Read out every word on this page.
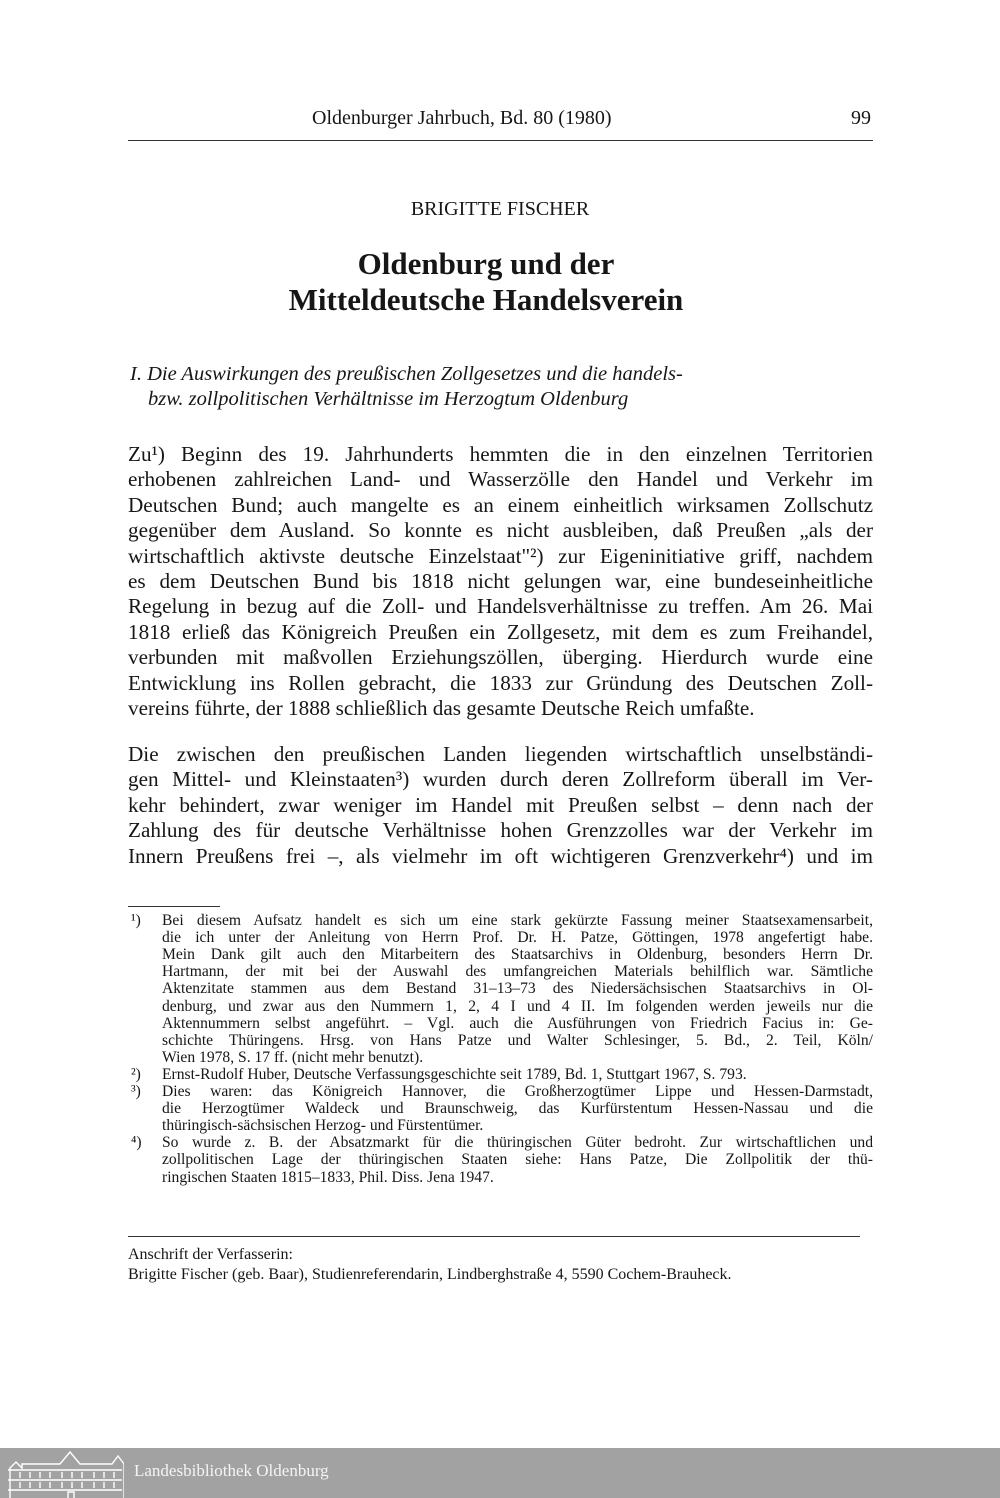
Oldenburger Jahrbuch, Bd. 80 (1980)	99
BRIGITTE FISCHER
Oldenburg und der
Mitteldeutsche Handelsverein
I. Die Auswirkungen des preußischen Zollgesetzes und die handels-
bzw. zollpolitischen Verhältnisse im Herzogtum Oldenburg
Zu¹) Beginn des 19. Jahrhunderts hemmten die in den einzelnen Territorien
erhobenen zahlreichen Land- und Wasserzölle den Handel und Verkehr im
Deutschen Bund; auch mangelte es an einem einheitlich wirksamen Zollschutz
gegenüber dem Ausland. So konnte es nicht ausbleiben, daß Preußen „als der
wirtschaftlich aktivste deutsche Einzelstaat"²) zur Eigeninitiative griff, nachdem
es dem Deutschen Bund bis 1818 nicht gelungen war, eine bundeseinheitliche
Regelung in bezug auf die Zoll- und Handelsverhältnisse zu treffen. Am 26. Mai
1818 erließ das Königreich Preußen ein Zollgesetz, mit dem es zum Freihandel,
verbunden mit maßvollen Erziehungszöllen, überging. Hierdurch wurde eine
Entwicklung ins Rollen gebracht, die 1833 zur Gründung des Deutschen Zoll-
vereins führte, der 1888 schließlich das gesamte Deutsche Reich umfaßte.
Die zwischen den preußischen Landen liegenden wirtschaftlich unselbständi-
gen Mittel- und Kleinstaaten³) wurden durch deren Zollreform überall im Ver-
kehr behindert, zwar weniger im Handel mit Preußen selbst – denn nach der
Zahlung des für deutsche Verhältnisse hohen Grenzzolles war der Verkehr im
Innern Preußens frei –, als vielmehr im oft wichtigeren Grenzverkehr⁴) und im
¹) Bei diesem Aufsatz handelt es sich um eine stark gekürzte Fassung meiner Staatsexamensarbeit,
die ich unter der Anleitung von Herrn Prof. Dr. H. Patze, Göttingen, 1978 angefertigt habe.
Mein Dank gilt auch den Mitarbeitern des Staatsarchivs in Oldenburg, besonders Herrn Dr.
Hartmann, der mit bei der Auswahl des umfangreichen Materials behilflich war. Sämtliche
Aktenzitate stammen aus dem Bestand 31–13–73 des Niedersächsischen Staatsarchivs in Ol-
denburg, und zwar aus den Nummern 1, 2, 4 I und 4 II. Im folgenden werden jeweils nur die
Aktennummern selbst angeführt. – Vgl. auch die Ausführungen von Friedrich Facius in: Ge-
schichte Thüringens. Hrsg. von Hans Patze und Walter Schlesinger, 5. Bd., 2. Teil, Köln/
Wien 1978, S. 17 ff. (nicht mehr benutzt).
²) Ernst-Rudolf Huber, Deutsche Verfassungsgeschichte seit 1789, Bd. 1, Stuttgart 1967, S. 793.
³) Dies waren: das Königreich Hannover, die Großherzogtümer Lippe und Hessen-Darmstadt,
die Herzogtümer Waldeck und Braunschweig, das Kurfürstentum Hessen-Nassau und die
thüringisch-sächsischen Herzog- und Fürstentümer.
⁴) So wurde z. B. der Absatzmarkt für die thüringischen Güter bedroht. Zur wirtschaftlichen und
zollpolitischen Lage der thüringischen Staaten siehe: Hans Patze, Die Zollpolitik der thü-
ringischen Staaten 1815–1833, Phil. Diss. Jena 1947.
Anschrift der Verfasserin:
Brigitte Fischer (geb. Baar), Studienreferendarin, Lindberghstraße 4, 5590 Cochem-Brauheck.
Landesbibliothek Oldenburg
